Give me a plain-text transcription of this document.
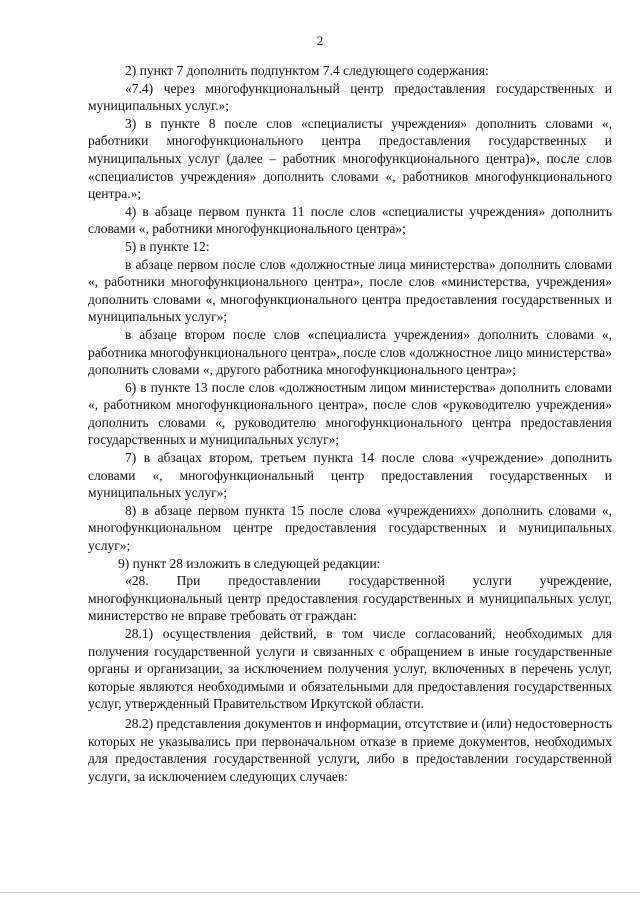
2

2) пункт 7 дополнить подпунктом 7.4 следующего содержания:

«7.4) через многофункциональный центр предоставления государственных и муниципальных услуг.»;

3) в пункте 8 после слов «специалисты учреждения» дополнить словами «, работники многофункционального центра предоставления государственных и муниципальных услуг (далее – работник многофункционального центра)», после слов «специалистов учреждения» дополнить словами «, работников многофункционального центра.»;

4) в абзаце первом пункта 11 после слов «специалисты учреждения» дополнить словами «, работники многофункционального центра»;

5) в пункте 12:

в абзаце первом после слов «должностные лица министерства» дополнить словами «, работники многофункционального центра», после слов «министерства, учреждения» дополнить словами «, многофункционального центра предоставления государственных и муниципальных услуг»;

в абзаце втором после слов «специалиста учреждения» дополнить словами «, работника многофункционального центра», после слов «должностное лицо министерства» дополнить словами «, другого работника многофункционального центра»;

6) в пункте 13 после слов «должностным лицом министерства» дополнить словами «, работником многофункционального центра», после слов «руководителю учреждения» дополнить словами «, руководителю многофункционального центра предоставления государственных и муниципальных услуг»;

7) в абзацах втором, третьем пункта 14 после слова «учреждение» дополнить словами «, многофункциональный центр предоставления государственных и муниципальных услуг»;

8) в абзаце первом пункта 15 после слова «учреждениях» дополнить словами «, многофункциональном центре предоставления государственных и муниципальных услуг»;

9) пункт 28 изложить в следующей редакции:

«28. При предоставлении государственной услуги учреждение, многофункциональный центр предоставления государственных и муниципальных услуг, министерство не вправе требовать от граждан:

28.1) осуществления действий, в том числе согласований, необходимых для получения государственной услуги и связанных с обращением в иные государственные органы и организации, за исключением получения услуг, включенных в перечень услуг, которые являются необходимыми и обязательными для предоставления государственных услуг, утвержденный Правительством Иркутской области.

28.2) представления документов и информации, отсутствие и (или) недостоверность которых не указывались при первоначальном отказе в приеме документов, необходимых для предоставления государственной услуги, либо в предоставлении государственной услуги, за исключением следующих случаев:
